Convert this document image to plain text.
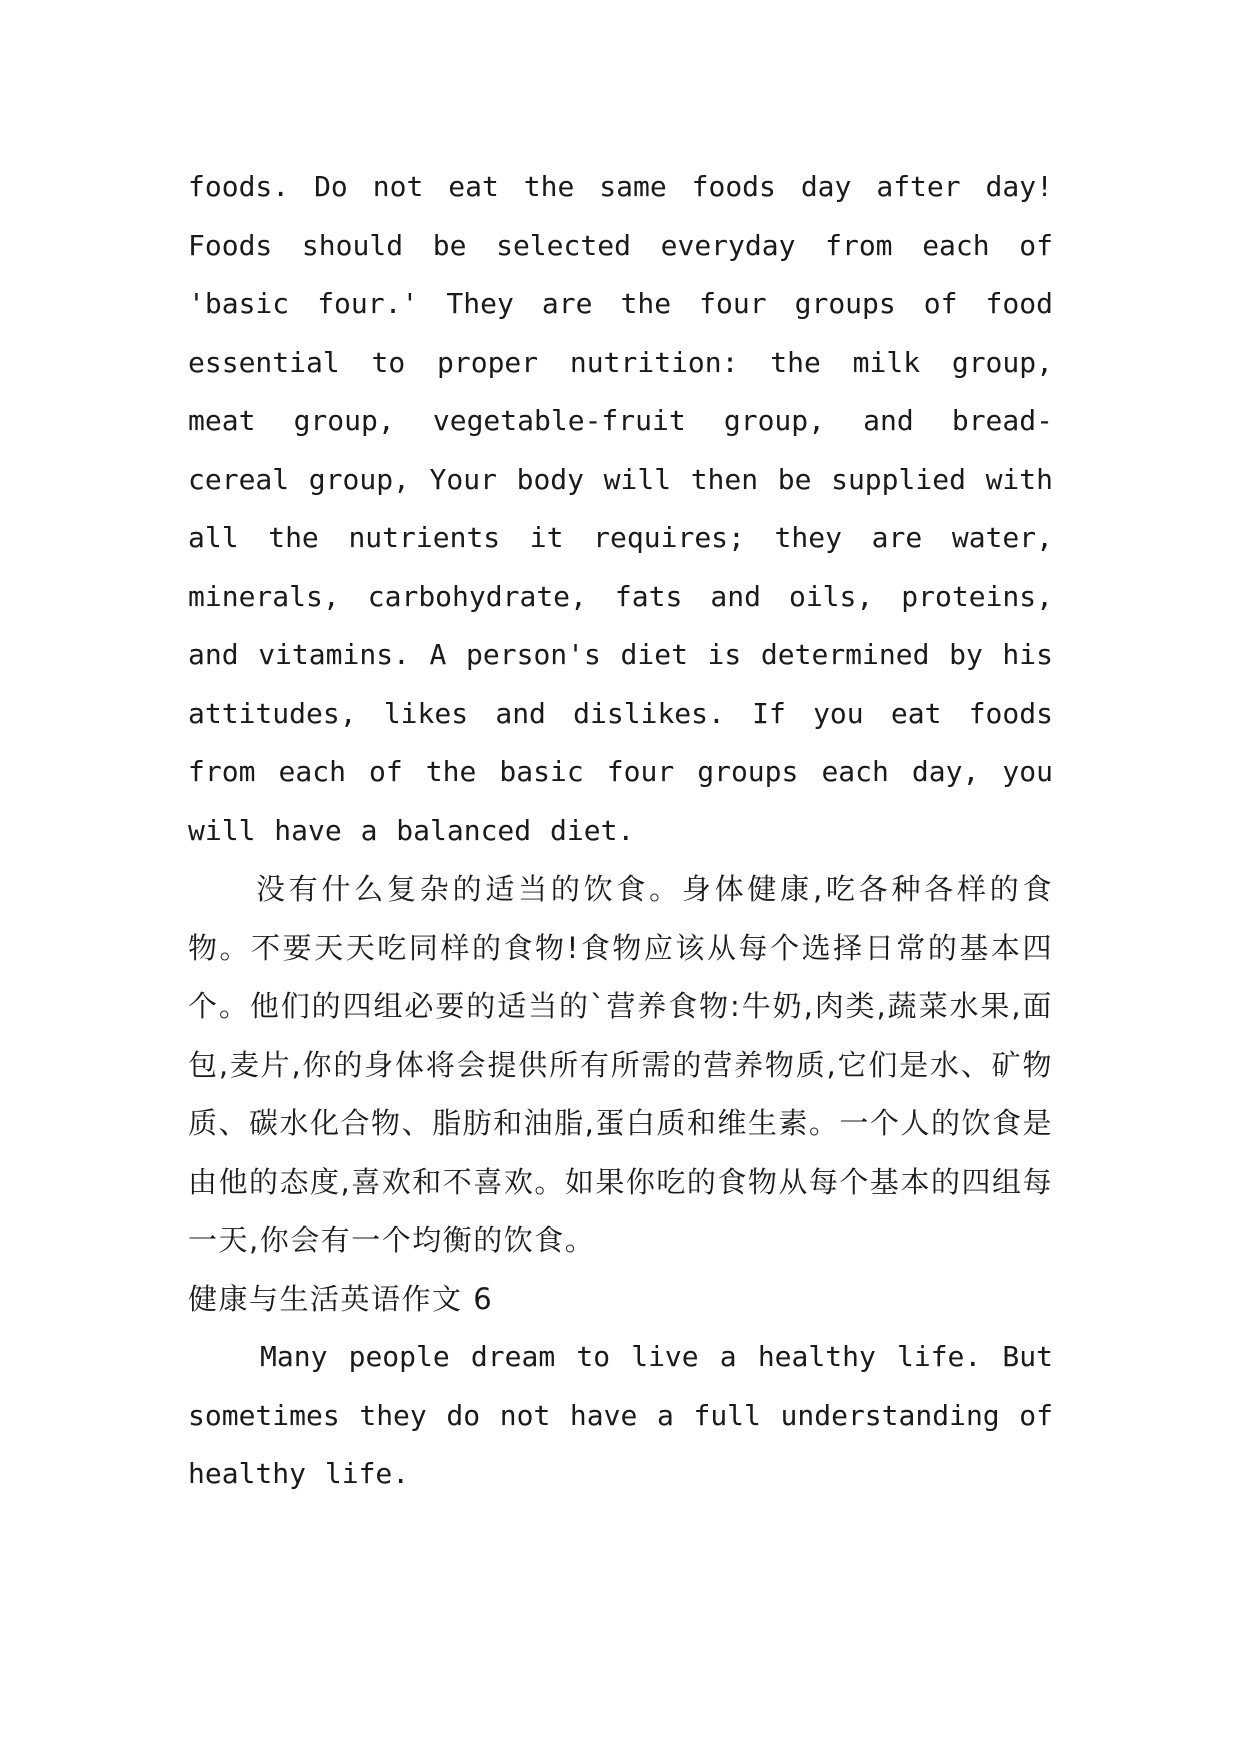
foods. Do not eat the same foods day after day! Foods should be selected everyday from each of 'basic four.' They are the four groups of food essential to proper nutrition: the milk group, meat group, vegetable-fruit group, and bread- cereal group, Your body will then be supplied with all the nutrients it requires; they are water, minerals, carbohydrate, fats and oils, proteins, and vitamins. A person's diet is determined by his attitudes, likes and dislikes. If you eat foods from each of the basic four groups each day, you will have a balanced diet.

没有什么复杂的适当的饮食。身体健康,吃各种各样的食物。不要天天吃同样的食物!食物应该从每个选择日常的基本四个。他们的四组必要的适当的`营养食物:牛奶,肉类,蔬菜水果,面包,麦片,你的身体将会提供所有所需的营养物质,它们是水、矿物质、碳水化合物、脂肪和油脂,蛋白质和维生素。一个人的饮食是由他的态度,喜欢和不喜欢。如果你吃的食物从每个基本的四组每一天,你会有一个均衡的饮食。

健康与生活英语作文 6

Many people dream to live a healthy life. But sometimes they do not have a full understanding of healthy life.
